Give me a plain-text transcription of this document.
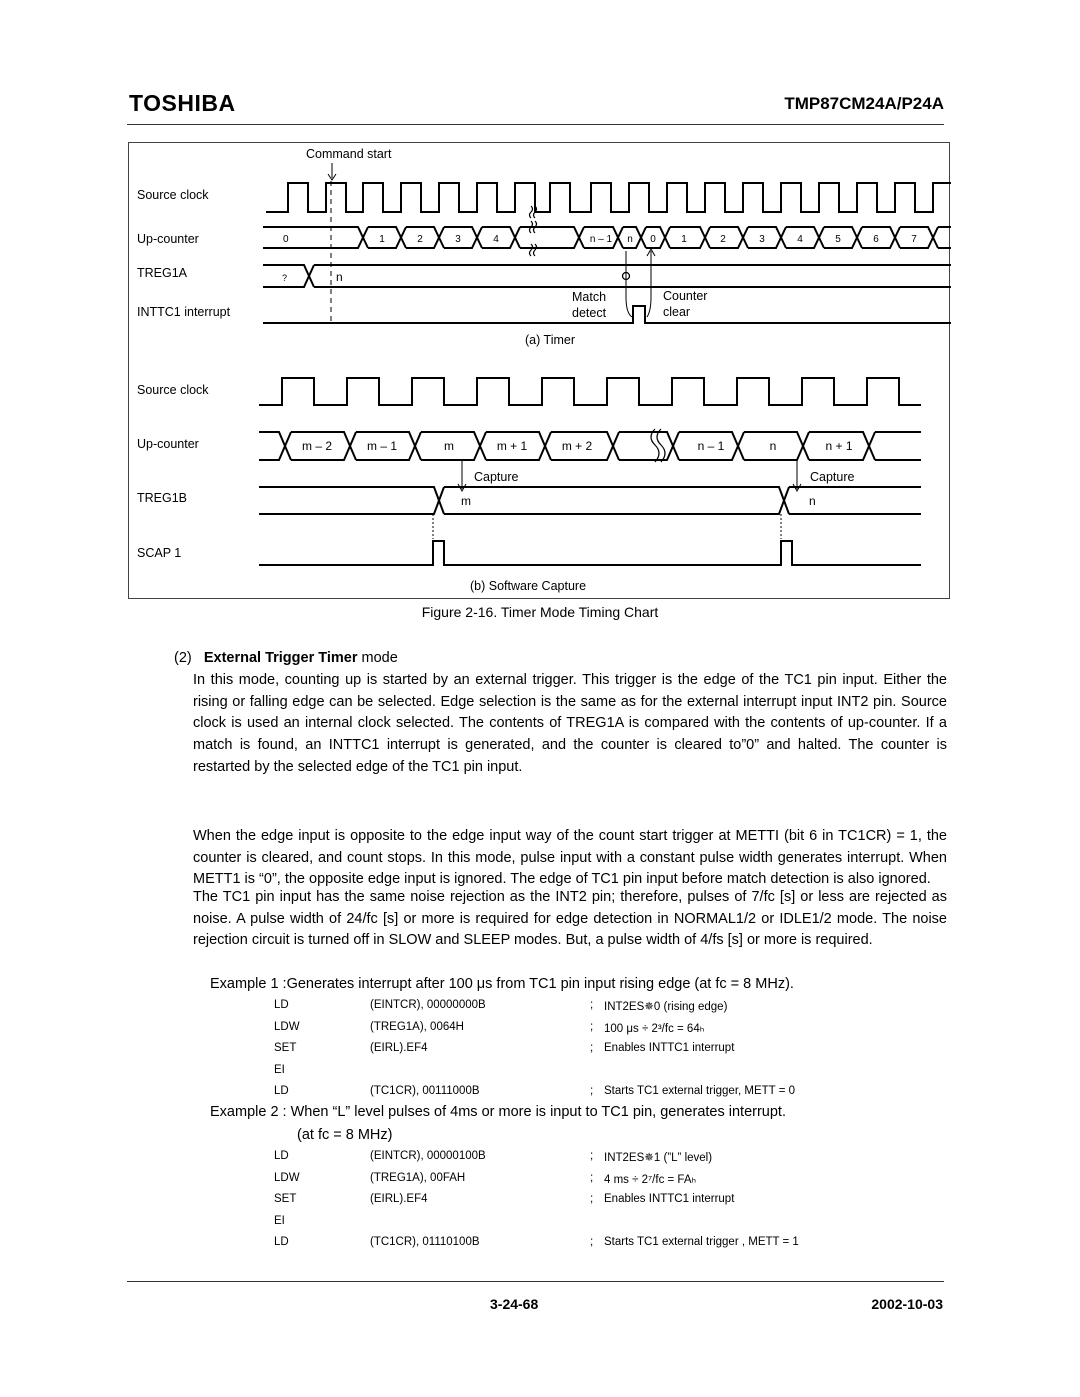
TOSHIBA	TMP87CM24A/P24A
Source clock
Up-counter
TREG1A
INTTC1 interrupt
Command start
0	1	2	3	4	n – 1 n 0	1	2	3	4	5	6	7
?	n
Match
detect
Counter
clear
(a) Timer
Source clock
Up-counter
TREG1B
SCAP 1
m – 2	m – 1	m	m + 1	m + 2	n – 1	n	n + 1
m	n
Capture	Capture
(b) Software Capture
Figure 2-16. Timer Mode Timing Chart
(2) External Trigger Timer mode
In this mode, counting up is started by an external trigger. This trigger is the edge of the TC1 pin input. Either the rising or falling edge can be selected. Edge selection is the same as for the external interrupt input INT2 pin. Source clock is used an internal clock selected. The contents of TREG1A is compared with the contents of up-counter. If a match is found, an INTTC1 interrupt is generated, and the counter is cleared to”0” and halted. The counter is restarted by the selected edge of the TC1 pin input.
When the edge input is opposite to the edge input way of the count start trigger at METTI (bit 6 in TC1CR) = 1, the counter is cleared, and count stops. In this mode, pulse input with a constant pulse width generates interrupt. When METT1 is “0”, the opposite edge input is ignored. The edge of TC1 pin input before match detection is also ignored.
The TC1 pin input has the same noise rejection as the INT2 pin; therefore, pulses of 7/fc [s] or less are rejected as noise. A pulse width of 24/fc [s] or more is required for edge detection in NORMAL1/2 or IDLE1/2 mode. The noise rejection circuit is turned off in SLOW and SLEEP modes. But, a pulse width of 4/fs [s] or more is required.
Example 1 :Generates interrupt after 100 μs from TC1 pin input rising edge (at fc = 8 MHz).
LD	(EINTCR), 00000000B	; INT2ES✵0 (rising edge)
LDW	(TREG1A), 0064H	; 100 μs ÷ 2³/fc = 64ₕ
SET	(EIRL).EF4	; Enables INTTC1 interrupt
EI
LD	(TC1CR), 00111000B	; Starts TC1 external trigger, METT = 0
Example 2 : When “L” level pulses of 4ms or more is input to TC1 pin, generates interrupt.
(at fc = 8 MHz)
LD	(EINTCR), 00000100B	; INT2ES✵1 (”L” level)
LDW	(TREG1A), 00FAH	; 4 ms ÷ 2⁷/fc = FAₕ
SET	(EIRL).EF4	; Enables INTTC1 interrupt
EI
LD	(TC1CR), 01110100B	; Starts TC1 external trigger , METT = 1
3-24-68	2002-10-03
